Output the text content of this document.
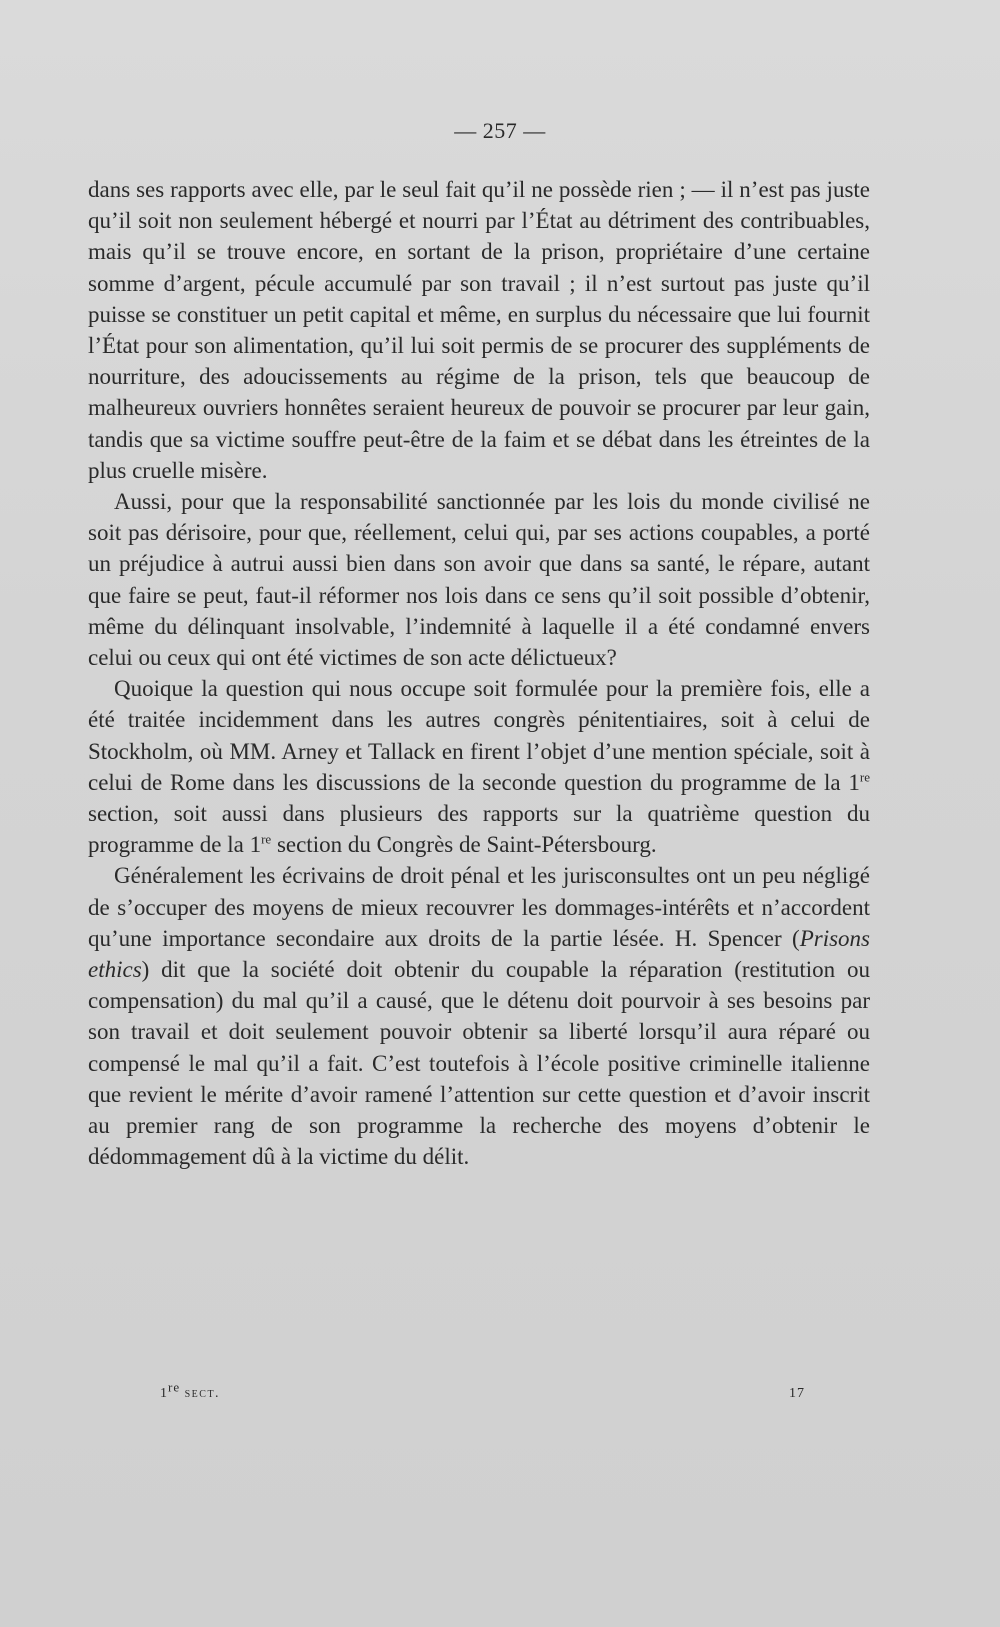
— 257 —

dans ses rapports avec elle, par le seul fait qu’il ne possède rien ; — il n’est pas juste qu’il soit non seulement hébergé et nourri par l’État au détriment des contribuables, mais qu’il se trouve encore, en sortant de la prison, propriétaire d’une certaine somme d’argent, pécule accumulé par son travail ; il n’est surtout pas juste qu’il puisse se constituer un petit capital et même, en surplus du nécessaire que lui fournit l’État pour son alimentation, qu’il lui soit permis de se procurer des suppléments de nourriture, des adoucissements au régime de la prison, tels que beaucoup de malheureux ouvriers honnêtes seraient heureux de pouvoir se procurer par leur gain, tandis que sa victime souffre peut-être de la faim et se débat dans les étreintes de la plus cruelle misère.

Aussi, pour que la responsabilité sanctionnée par les lois du monde civilisé ne soit pas dérisoire, pour que, réellement, celui qui, par ses actions coupables, a porté un préjudice à autrui aussi bien dans son avoir que dans sa santé, le répare, autant que faire se peut, faut-il réformer nos lois dans ce sens qu’il soit possible d’obtenir, même du délinquant insolvable, l’indemnité à laquelle il a été condamné envers celui ou ceux qui ont été victimes de son acte délictueux?

Quoique la question qui nous occupe soit formulée pour la première fois, elle a été traitée incidemment dans les autres congrès pénitentiaires, soit à celui de Stockholm, où MM. Arney et Tallack en firent l’objet d’une mention spéciale, soit à celui de Rome dans les discussions de la seconde question du programme de la 1re section, soit aussi dans plusieurs des rapports sur la quatrième question du programme de la 1re section du Congrès de Saint-Pétersbourg.

Généralement les écrivains de droit pénal et les jurisconsultes ont un peu négligé de s’occuper des moyens de mieux recouvrer les dommages-intérêts et n’accordent qu’une importance secondaire aux droits de la partie lésée. H. Spencer (Prisons ethics) dit que la société doit obtenir du coupable la réparation (restitution ou compensation) du mal qu’il a causé, que le détenu doit pourvoir à ses besoins par son travail et doit seulement pouvoir obtenir sa liberté lorsqu’il aura réparé ou compensé le mal qu’il a fait. C’est toutefois à l’école positive criminelle italienne que revient le mérite d’avoir ramené l’attention sur cette question et d’avoir inscrit au premier rang de son programme la recherche des moyens d’obtenir le dédommagement dû à la victime du délit.

1re sect.	17
